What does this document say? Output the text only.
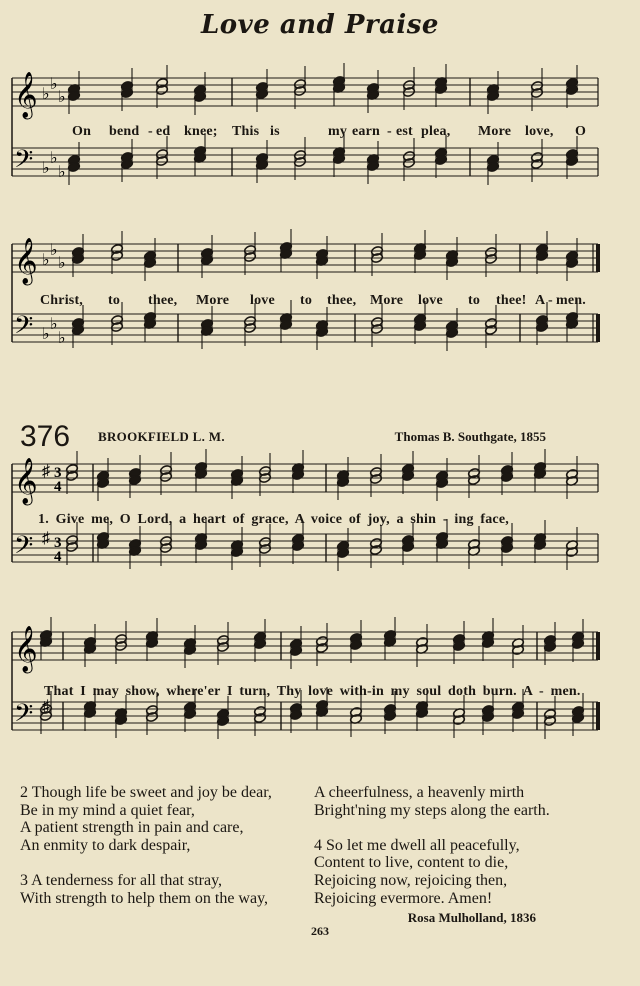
Love and Praise
𝄞
𝄢
♭
♭
♭
♭
♭
♭
On bend - ed knee; This is	my earn - est plea, More love, O
𝄞
𝄢
♭
♭
♭
♭
♭
♭
Christ, to thee, More love to thee, More love to thee! A - men.
376 BROOKFIELD L. M.	Thomas B. Southgate, 1855
𝄞
𝄢
♯
♯
3
4
3
4
1. Give me, O Lord, a heart of grace, A voice of joy, a shin - ing face,
𝄞
𝄢 ♯
That I may show, where'er I turn, Thy love with-in my soul doth burn. A - men.
2 Though life be sweet and joy be dear,
Be in my mind a quiet fear,
A patient strength in pain and care,
An enmity to dark despair,

3 A tenderness for all that stray,
With strength to help them on the way,
A cheerfulness, a heavenly mirth
Bright'ning my steps along the earth.

4 So let me dwell all peacefully,
Content to live, content to die,
Rejoicing now, rejoicing then,
Rejoicing evermore. Amen!
Rosa Mulholland, 1836
263
